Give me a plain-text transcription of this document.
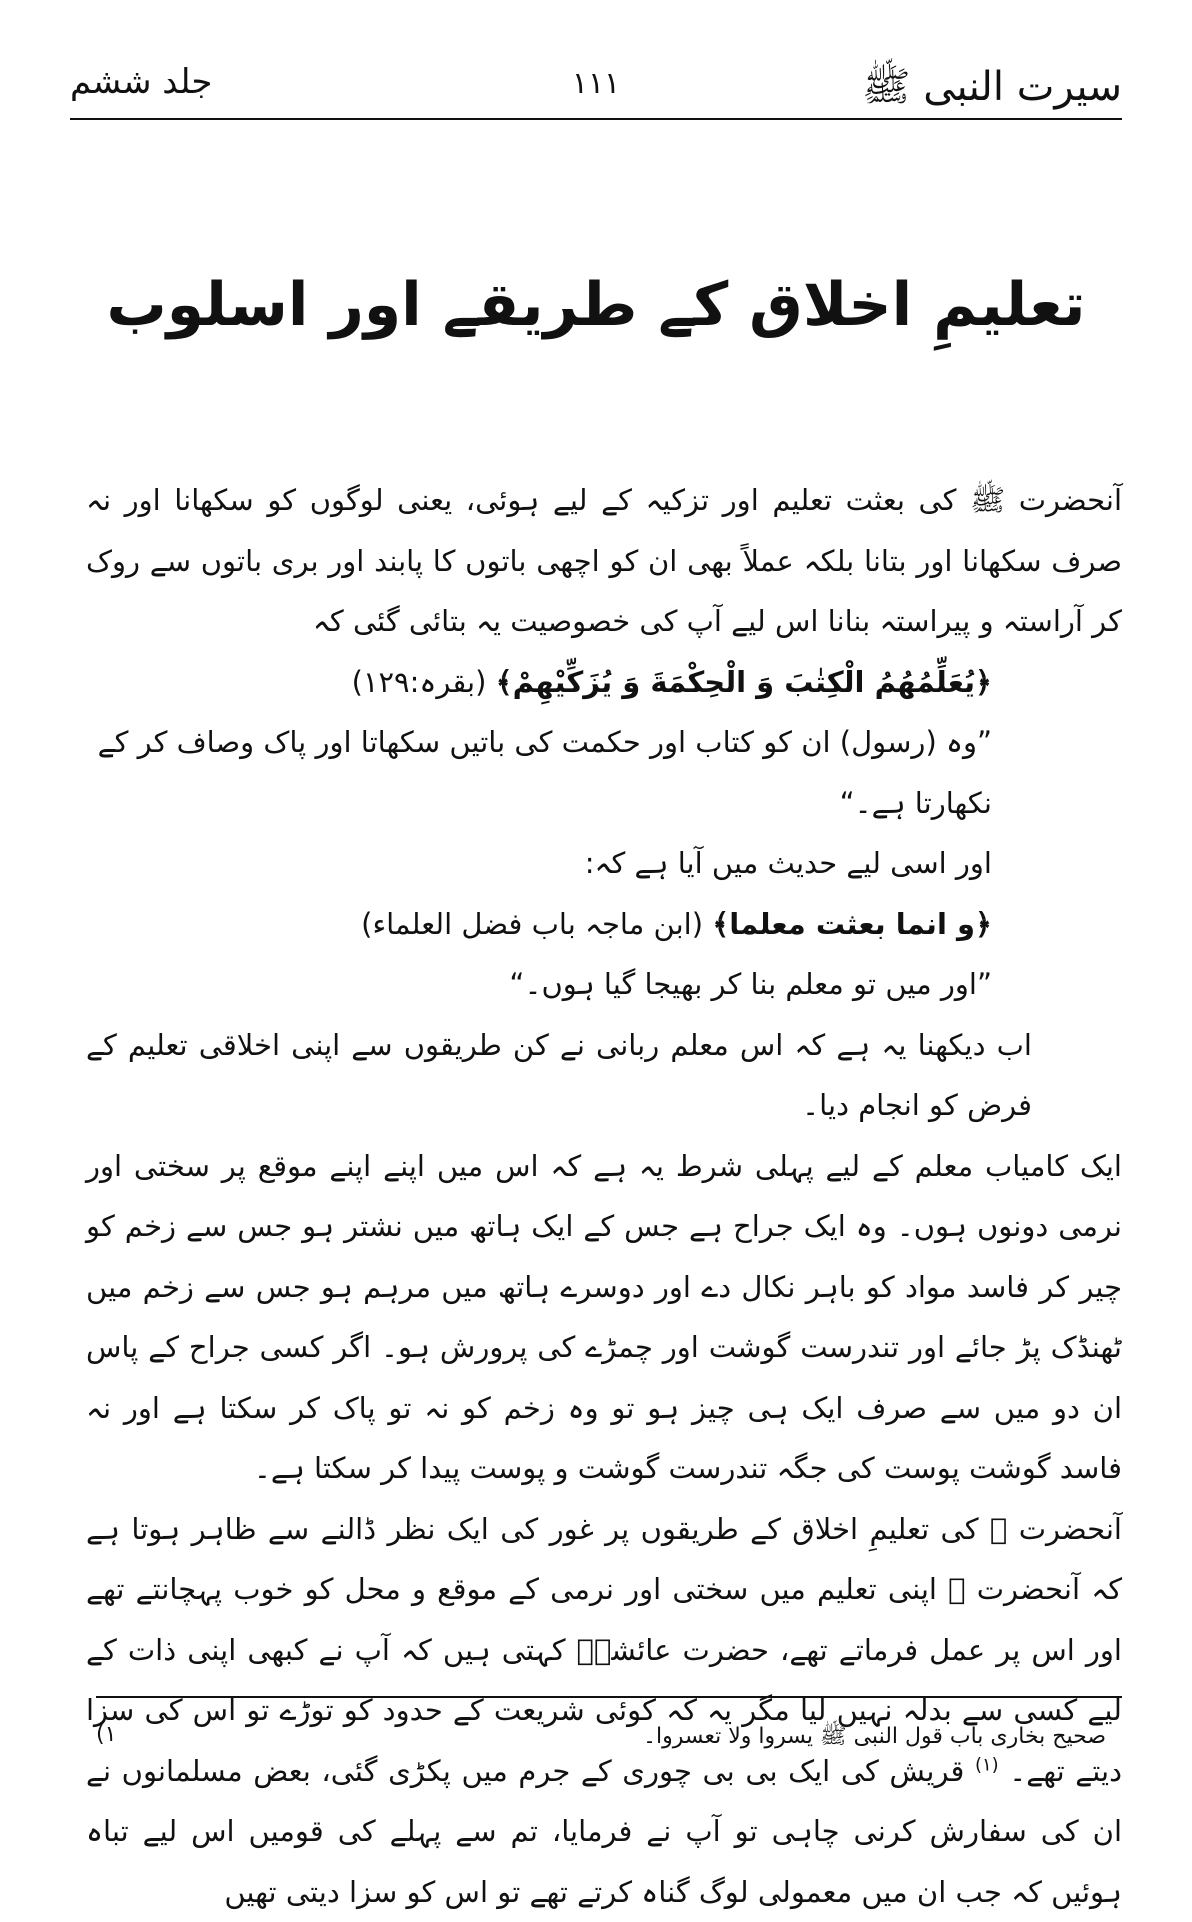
سیرت النبی ﷺ
۱۱۱
جلد ششم
تعلیمِ اخلاق کے طریقے اور اسلوب

آنحضرت ﷺ کی بعثت تعلیم اور تزکیہ کے لیے ہوئی، یعنی لوگوں کو سکھانا اور نہ صرف سکھانا اور بتانا بلکہ عملاً بھی ان کو اچھی باتوں کا پابند اور بری باتوں سے روک کر آراستہ و پیراستہ بنانا اس لیے آپ کی خصوصیت یہ بتائی گئی کہ

﴿يُعَلِّمُهُمُ الْكِتٰبَ وَ الْحِكْمَةَ وَ يُزَكِّيْهِمْ﴾ (بقرہ:۱۲۹)

”وہ (رسول) ان کو کتاب اور حکمت کی باتیں سکھاتا اور پاک وصاف کر کے نکھارتا ہے۔“

اور اسی لیے حدیث میں آیا ہے کہ:

﴿و انما بعثت معلما﴾ (ابن ماجہ باب فضل العلماء)

”اور میں تو معلم بنا کر بھیجا گیا ہوں۔“

اب دیکھنا یہ ہے کہ اس معلم ربانی نے کن طریقوں سے اپنی اخلاقی تعلیم کے فرض کو انجام دیا۔

ایک کامیاب معلم کے لیے پہلی شرط یہ ہے کہ اس میں اپنے اپنے موقع پر سختی اور نرمی دونوں ہوں۔ وہ ایک جراح ہے جس کے ایک ہاتھ میں نشتر ہو جس سے زخم کو چیر کر فاسد مواد کو باہر نکال دے اور دوسرے ہاتھ میں مرہم ہو جس سے زخم میں ٹھنڈک پڑ جائے اور تندرست گوشت اور چمڑے کی پرورش ہو۔ اگر کسی جراح کے پاس ان دو میں سے صرف ایک ہی چیز ہو تو وہ زخم کو نہ تو پاک کر سکتا ہے اور نہ فاسد گوشت پوست کی جگہ تندرست گوشت و پوست پیدا کر سکتا ہے۔

آنحضرت ﷺ کی تعلیمِ اخلاق کے طریقوں پر غور کی ایک نظر ڈالنے سے ظاہر ہوتا ہے کہ آنحضرت ﷺ اپنی تعلیم میں سختی اور نرمی کے موقع و محل کو خوب پہچانتے تھے اور اس پر عمل فرماتے تھے، حضرت عائشہؓ کہتی ہیں کہ آپ نے کبھی اپنی ذات کے لیے کسی سے بدلہ نہیں لیا مگر یہ کہ کوئی شریعت کے حدود کو توڑے تو اس کی سزا دیتے تھے۔ $^{(۱)}$ قریش کی ایک بی بی چوری کے جرم میں پکڑی گئی، بعض مسلمانوں نے ان کی سفارش کرنی چاہی تو آپ نے فرمایا، تم سے پہلے کی قومیں اس لیے تباہ ہوئیں کہ جب ان میں معمولی لوگ گناہ کرتے تھے تو اس کو سزا دیتی تھیں

۱)	صحیح بخاری باب قول النبی ﷺ یسروا ولا تعسروا۔
